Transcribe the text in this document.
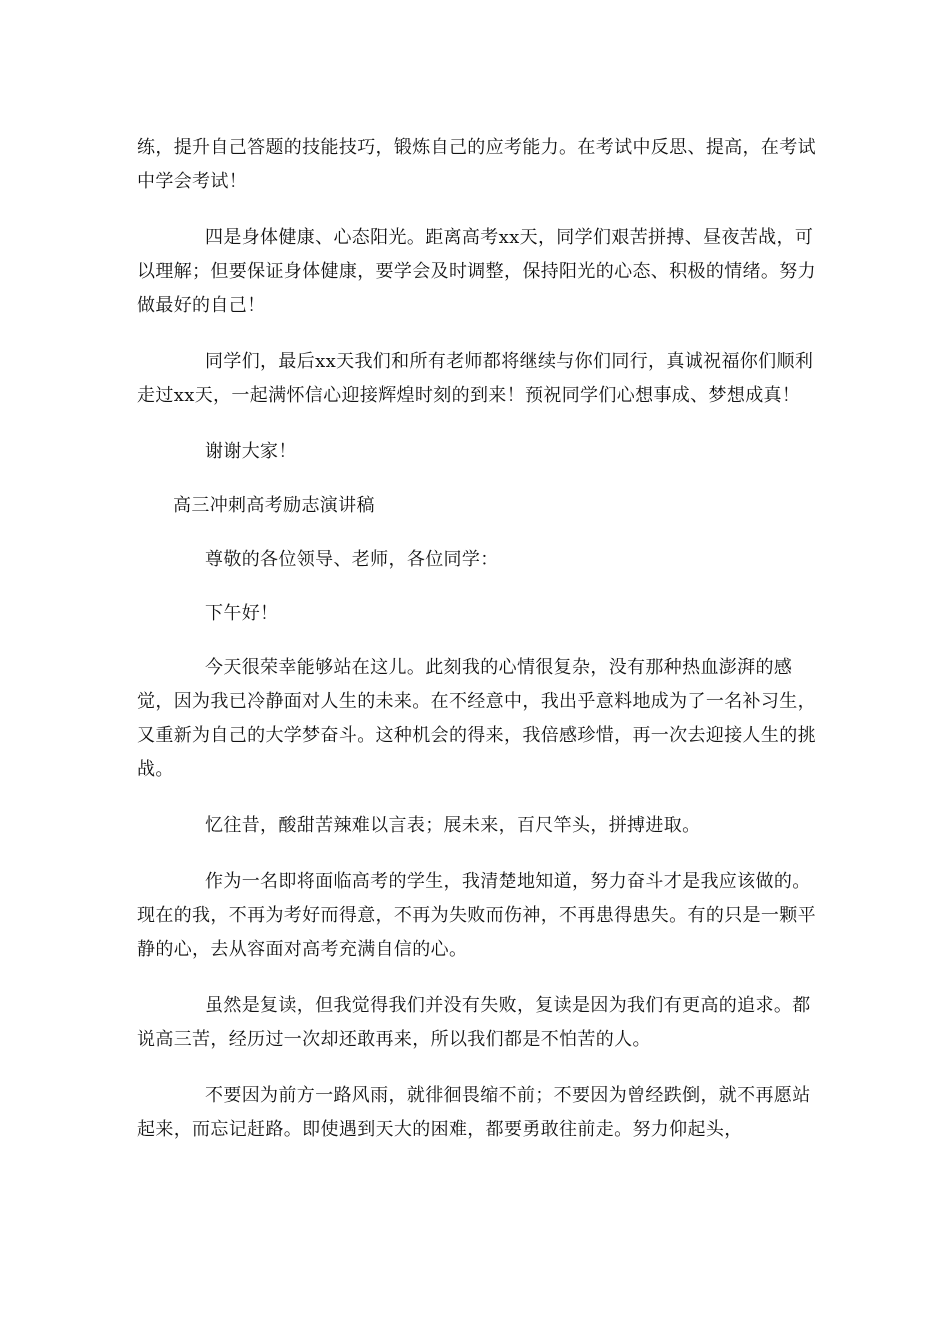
练，提升自己答题的技能技巧，锻炼自己的应考能力。在考试中反思、提高，在考试中学会考试！

四是身体健康、心态阳光。距离高考xx天，同学们艰苦拼搏、昼夜苦战，可以理解；但要保证身体健康，要学会及时调整，保持阳光的心态、积极的情绪。努力做最好的自己！

同学们，最后xx天我们和所有老师都将继续与你们同行，真诚祝福你们顺利走过xx天，一起满怀信心迎接辉煌时刻的到来！预祝同学们心想事成、梦想成真！

谢谢大家！

高三冲刺高考励志演讲稿

尊敬的各位领导、老师，各位同学：

下午好！

今天很荣幸能够站在这儿。此刻我的心情很复杂，没有那种热血澎湃的感觉，因为我已冷静面对人生的未来。在不经意中，我出乎意料地成为了一名补习生，又重新为自己的大学梦奋斗。这种机会的得来，我倍感珍惜，再一次去迎接人生的挑战。

忆往昔，酸甜苦辣难以言表；展未来，百尺竿头，拼搏进取。

作为一名即将面临高考的学生，我清楚地知道，努力奋斗才是我应该做的。现在的我，不再为考好而得意，不再为失败而伤神，不再患得患失。有的只是一颗平静的心，去从容面对高考充满自信的心。

虽然是复读，但我觉得我们并没有失败，复读是因为我们有更高的追求。都说高三苦，经历过一次却还敢再来，所以我们都是不怕苦的人。

不要因为前方一路风雨，就徘徊畏缩不前；不要因为曾经跌倒，就不再愿站起来，而忘记赶路。即使遇到天大的困难，都要勇敢往前走。努力仰起头，
